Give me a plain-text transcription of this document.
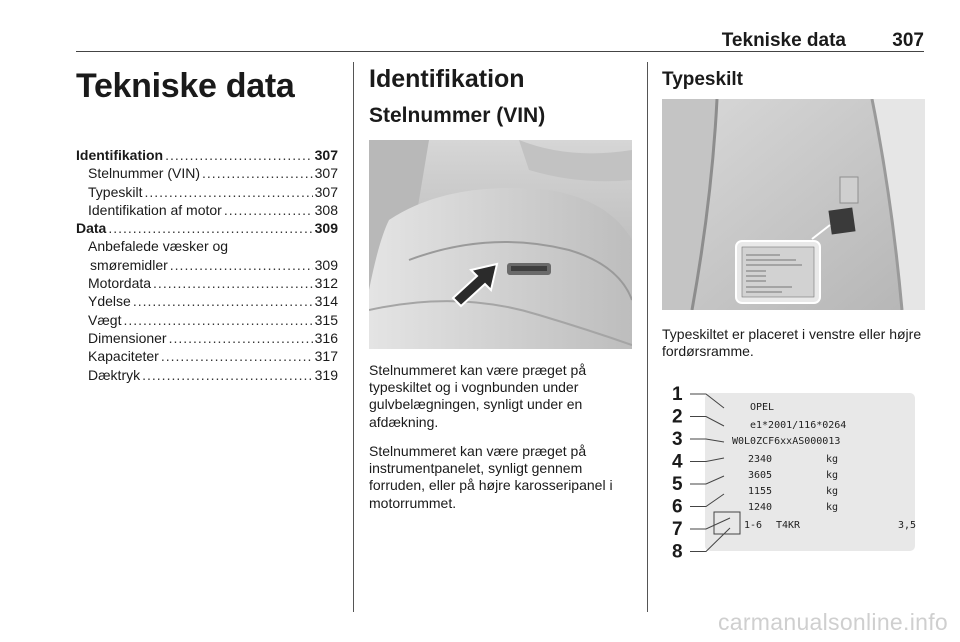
Tekniske data 307
Tekniske data
Identifikation .....	307
Stelnummer (VIN) .....	307
Typeskilt .....	307
Identifikation af motor .....	308
Data .....	309
Anbefalede væsker og
smøremidler .....	309
Motordata .....	312
Ydelse .....	314
Vægt .....	315
Dimensioner .....	316
Kapaciteter .....	317
Dæktryk .....	319
Identifikation
Stelnummer (VIN)
Stelnummeret kan være præget på typeskiltet og i vognbunden under gulvbelægningen, synligt under en afdækning.
Stelnummeret kan være præget på instrumentpanelet, synligt gennem forruden, eller på højre karosseripanel i motorrummet.
Typeskilt
Typeskiltet er placeret i venstre eller højre fordørsramme.
1
2
3
4
5
6
7
8
OPEL
e1*2001/116*0264
W0L0ZCF6xxAS000013
2340
3605
1155
1240
1-6 T4KR
kg
kg
kg
kg
3,5
carmanualsonline.info
